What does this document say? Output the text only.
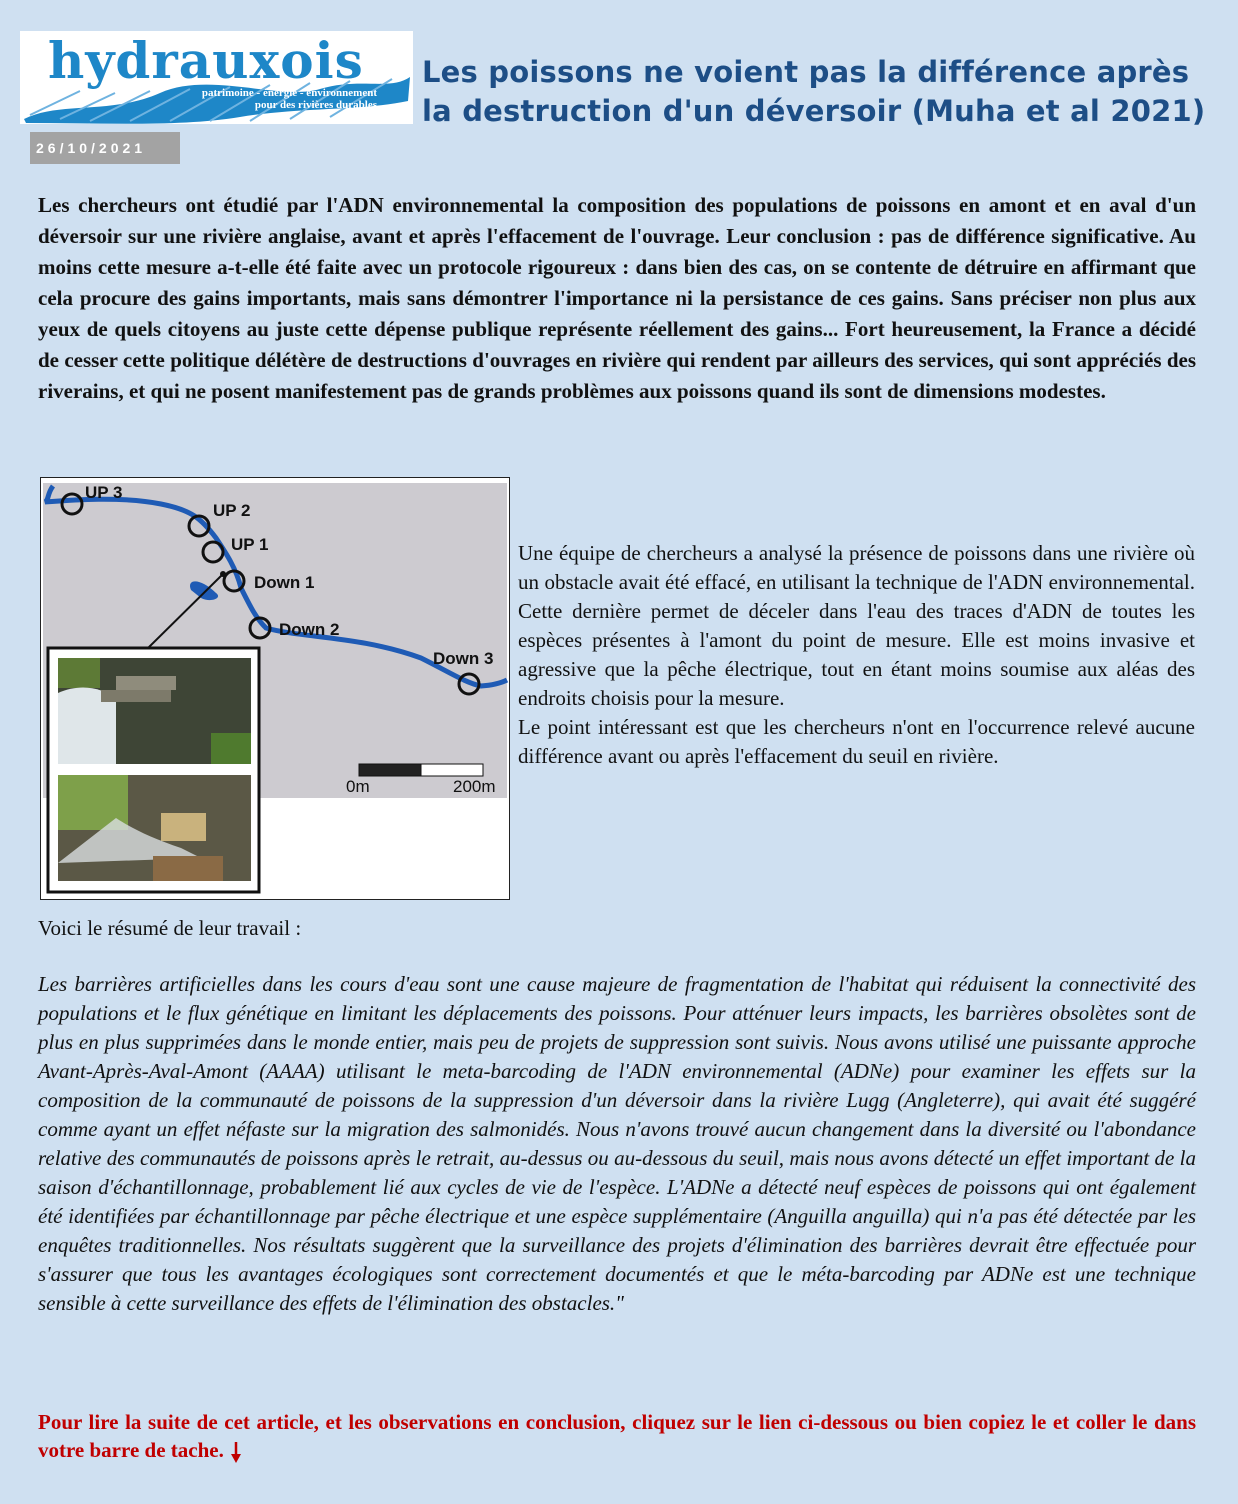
hydrauxois
patrimoine - énergie - environnement
pour des rivières durables
Les poissons ne voient pas la différence après la destruction d'un déversoir (Muha et al 2021)
26/10/2021

Les chercheurs ont étudié par l'ADN environnemental la composition des populations de poissons en amont et en aval d'un déversoir sur une rivière anglaise, avant et après l'effacement de l'ouvrage. Leur conclusion : pas de différence significative. Au moins cette mesure a-t-elle été faite avec un protocole rigoureux : dans bien des cas, on se contente de détruire en affirmant que cela procure des gains importants, mais sans démontrer l'importance ni la persistance de ces gains. Sans préciser non plus aux yeux de quels citoyens au juste cette dépense publique représente réellement des gains... Fort heureusement, la France a décidé de cesser cette politique délétère de destructions d'ouvrages en rivière qui rendent par ailleurs des services, qui sont appréciés des riverains, et qui ne posent manifestement pas de grands problèmes aux poissons quand ils sont de dimensions modestes.

UP 3
UP 2
UP 1
Down 1
Down 2
Down 3
0m	200m

Une équipe de chercheurs a analysé la présence de poissons dans une rivière où un obstacle avait été effacé, en utilisant la technique de l'ADN environnemental. Cette dernière permet de déceler dans l'eau des traces d'ADN de toutes les espèces présentes à l'amont du point de mesure. Elle est moins invasive et agressive que la pêche électrique, tout en étant moins soumise aux aléas des endroits choisis pour la mesure.

Le point intéressant est que les chercheurs n'ont en l'occurrence relevé aucune différence avant ou après l'effacement du seuil en rivière.

Voici le résumé de leur travail :

Les barrières artificielles dans les cours d'eau sont une cause majeure de fragmentation de l'habitat qui réduisent la connectivité des populations et le flux génétique en limitant les déplacements des poissons. Pour atténuer leurs impacts, les barrières obsolètes sont de plus en plus supprimées dans le monde entier, mais peu de projets de suppression sont suivis. Nous avons utilisé une puissante approche Avant-Après-Aval-Amont (AAAA) utilisant le meta-barcoding de l'ADN environnemental (ADNe) pour examiner les effets sur la composition de la communauté de poissons de la suppression d'un déversoir dans la rivière Lugg (Angleterre), qui avait été suggéré comme ayant un effet néfaste sur la migration des salmonidés. Nous n'avons trouvé aucun changement dans la diversité ou l'abondance relative des communautés de poissons après le retrait, au-dessus ou au-dessous du seuil, mais nous avons détecté un effet important de la saison d'échantillonnage, probablement lié aux cycles de vie de l'espèce. L'ADNe a détecté neuf espèces de poissons qui ont également été identifiées par échantillonnage par pêche électrique et une espèce supplémentaire (Anguilla anguilla) qui n'a pas été détectée par les enquêtes traditionnelles. Nos résultats suggèrent que la surveillance des projets d'élimination des barrières devrait être effectuée pour s'assurer que tous les avantages écologiques sont correctement documentés et que le méta-barcoding par ADNe est une technique sensible à cette surveillance des effets de l'élimination des obstacles."

Pour lire la suite de cet article, et les observations en conclusion, cliquez sur le lien ci-dessous ou bien copiez le et coller le dans votre barre de tache.
